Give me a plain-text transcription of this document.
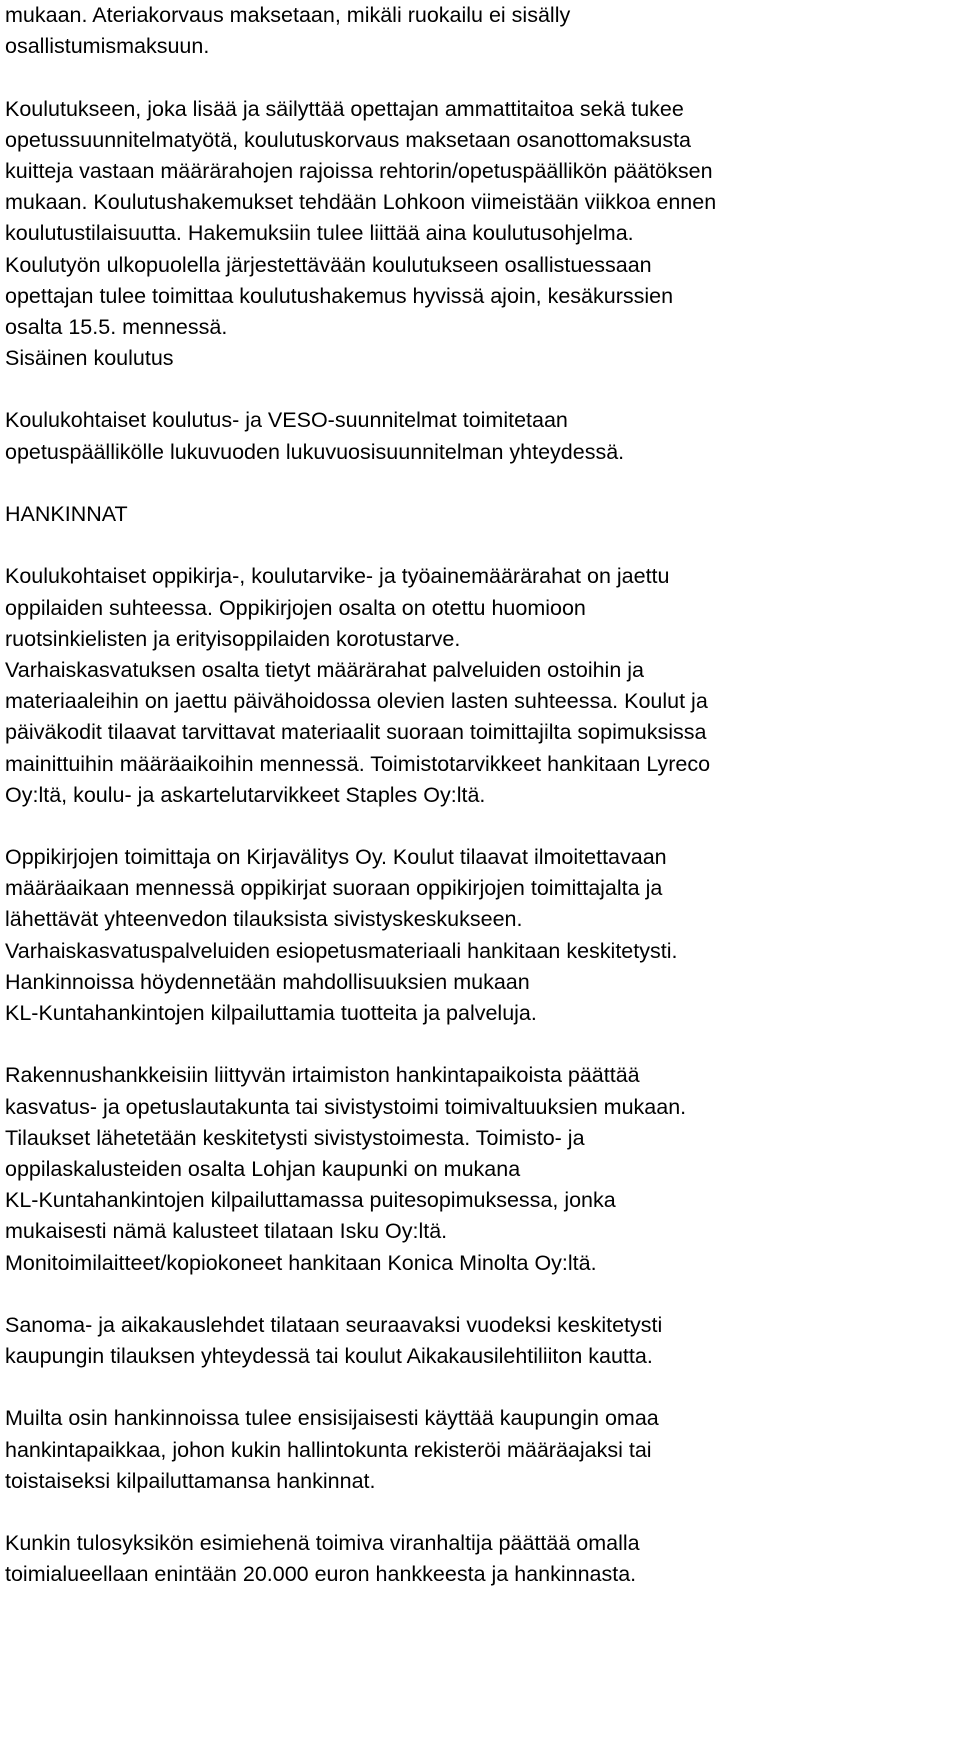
mukaan. Ateriakorvaus maksetaan, mikäli ruokailu ei sisälly
osallistumismaksuun.
Koulutukseen, joka lisää ja säilyttää opettajan ammattitaitoa sekä tukee
opetussuunnitelmatyötä, koulutuskorvaus maksetaan osanottomaksusta
kuitteja vastaan määrärahojen rajoissa rehtorin/opetuspäällikön päätöksen
mukaan. Koulutushakemukset tehdään Lohkoon viimeistään viikkoa ennen
koulutustilaisuutta. Hakemuksiin tulee liittää aina koulutusohjelma.
Koulutyön ulkopuolella järjestettävään koulutukseen osallistuessaan
opettajan tulee toimittaa koulutushakemus hyvissä ajoin, kesäkurssien
osalta 15.5. mennessä.
Sisäinen koulutus
Koulukohtaiset koulutus- ja VESO-suunnitelmat toimitetaan
opetuspäällikölle lukuvuoden lukuvuosisuunnitelman yhteydessä.
HANKINNAT
Koulukohtaiset oppikirja-, koulutarvike- ja työainemäärärahat on jaettu
oppilaiden suhteessa. Oppikirjojen osalta on otettu huomioon
ruotsinkielisten ja erityisoppilaiden korotustarve.
Varhaiskasvatuksen osalta tietyt määrärahat palveluiden ostoihin ja
materiaaleihin on jaettu päivähoidossa olevien lasten suhteessa. Koulut ja
päiväkodit tilaavat tarvittavat materiaalit suoraan toimittajilta sopimuksissa
mainittuihin määräaikoihin mennessä. Toimistotarvikkeet hankitaan Lyreco
Oy:ltä, koulu- ja askartelutarvikkeet Staples Oy:ltä.
Oppikirjojen toimittaja on Kirjavälitys Oy. Koulut tilaavat ilmoitettavaan
määräaikaan mennessä oppikirjat suoraan oppikirjojen toimittajalta ja
lähettävät yhteenvedon tilauksista sivistyskeskukseen.
Varhaiskasvatuspalveluiden esiopetusmateriaali hankitaan keskitetysti.
Hankinnoissa höydennetään mahdollisuuksien mukaan
KL-Kuntahankintojen kilpailuttamia tuotteita ja palveluja.
Rakennushankkeisiin liittyvän irtaimiston hankintapaikoista päättää
kasvatus- ja opetuslautakunta tai sivistystoimi toimivaltuuksien mukaan.
Tilaukset lähetetään keskitetysti sivistystoimesta. Toimisto- ja
oppilaskalusteiden osalta Lohjan kaupunki on mukana
KL-Kuntahankintojen kilpailuttamassa puitesopimuksessa, jonka
mukaisesti nämä kalusteet tilataan Isku Oy:ltä.
Monitoimilaitteet/kopiokoneet hankitaan Konica Minolta Oy:ltä.
Sanoma- ja aikakauslehdet tilataan seuraavaksi vuodeksi keskitetysti
kaupungin tilauksen yhteydessä tai koulut Aikakausilehtiliiton kautta.
Muilta osin hankinnoissa tulee ensisijaisesti käyttää kaupungin omaa
hankintapaikkaa, johon kukin hallintokunta rekisteröi määräajaksi tai
toistaiseksi kilpailuttamansa hankinnat.
Kunkin tulosyksikön esimiehenä toimiva viranhaltija päättää omalla
toimialueellaan enintään 20.000 euron hankkeesta ja hankinnasta.
